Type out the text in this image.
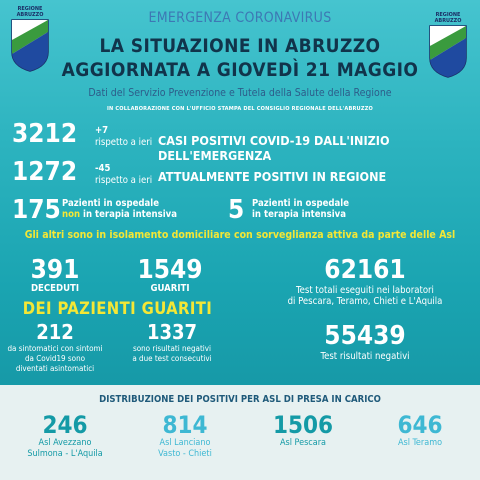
REGIONE
ABRUZZO	REGIONE
ABRUZZO
EMERGENZA CORONAVIRUS
LA SITUAZIONE IN ABRUZZO
AGGIORNATA A GIOVEDÌ 21 MAGGIO
Dati del Servizio Prevenzione e Tutela della Salute della Regione
IN COLLABORAZIONE CON L'UFFICIO STAMPA DEL CONSIGLIO REGIONALE DELL'ABRUZZO
3212 +7
rispetto a ieri CASI POSITIVI COVID-19 DALL'INIZIO DELL'EMERGENZA
1272 -45
rispetto a ieri ATTUALMENTE POSITIVI IN REGIONE
175 Pazienti in ospedale
non in terapia intensiva 5 Pazienti in ospedale
in terapia intensiva
Gli altri sono in isolamento domiciliare con sorveglianza attiva da parte delle Asl
391
DECEDUTI
1549
GUARITI
DEI PAZIENTI GUARITI
212
da sintomatici con sintomi
da Covid19 sono
diventati asintomatici
1337
sono risultati negativi
a due test consecutivi
62161
Test totali eseguiti nei laboratori
di Pescara, Teramo, Chieti e L'Aquila
55439
Test risultati negativi
DISTRIBUZIONE DEI POSITIVI PER ASL DI PRESA IN CARICO
246
Asl Avezzano
Sulmona - L'Aquila
814
Asl Lanciano
Vasto - Chieti
1506
Asl Pescara
646
Asl Teramo
